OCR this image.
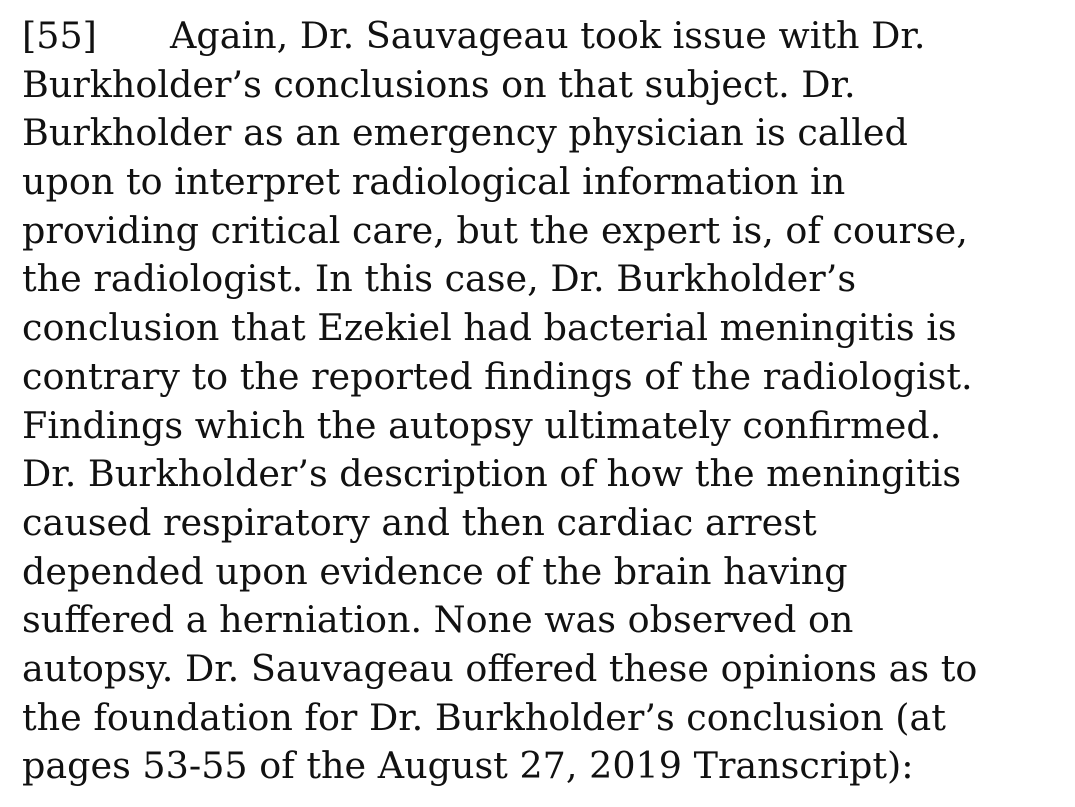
[55] Again, Dr. Sauvageau took issue with Dr.
Burkholder’s conclusions on that subject. Dr.
Burkholder as an emergency physician is called
upon to interpret radiological information in
providing critical care, but the expert is, of course,
the radiologist. In this case, Dr. Burkholder’s
conclusion that Ezekiel had bacterial meningitis is
contrary to the reported findings of the radiologist.
Findings which the autopsy ultimately confirmed.
Dr. Burkholder’s description of how the meningitis
caused respiratory and then cardiac arrest
depended upon evidence of the brain having
suffered a herniation. None was observed on
autopsy. Dr. Sauvageau offered these opinions as to
the foundation for Dr. Burkholder’s conclusion (at
pages 53-55 of the August 27, 2019 Transcript):
